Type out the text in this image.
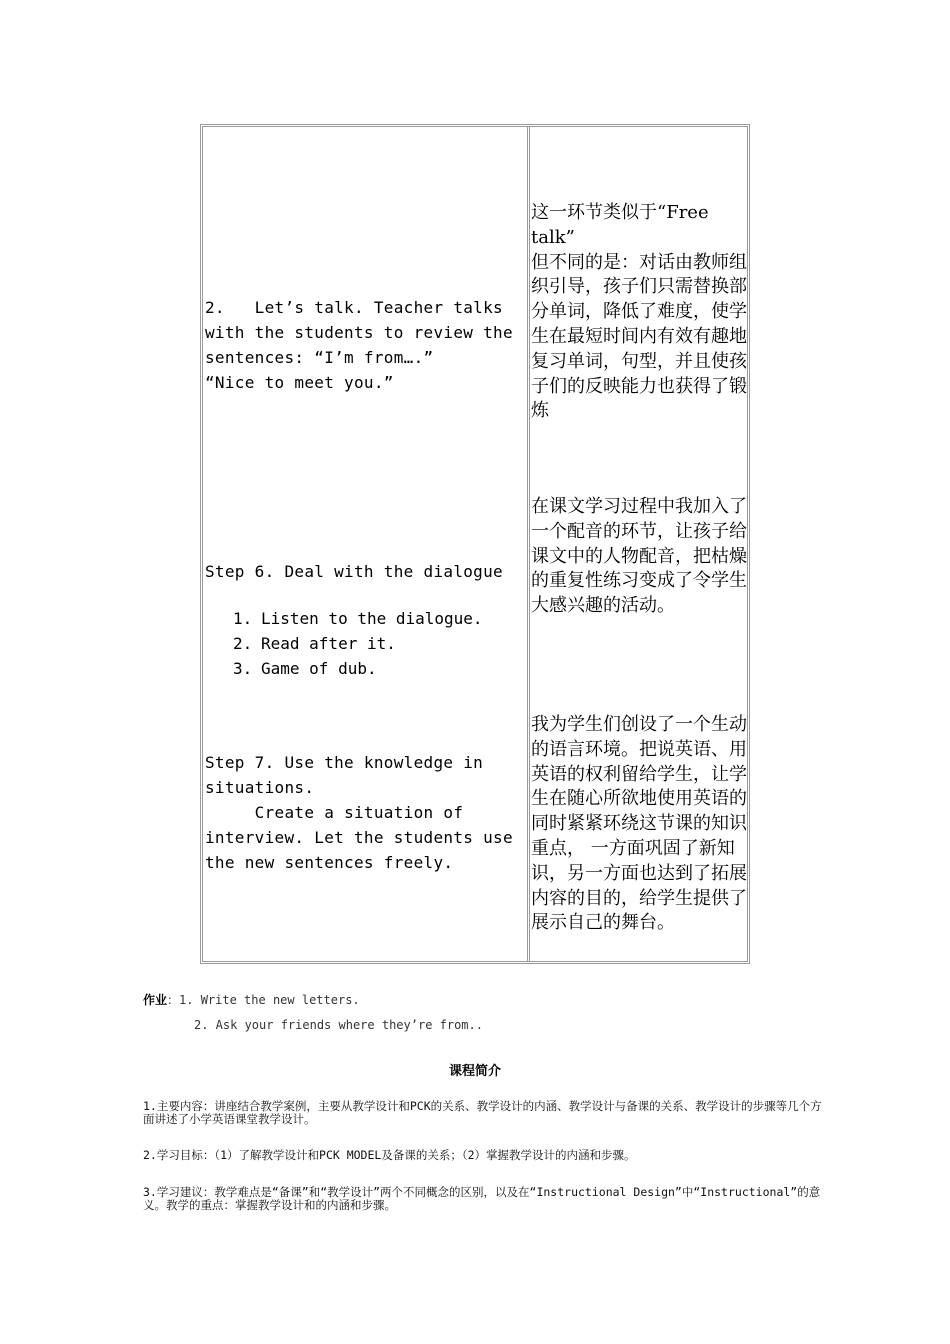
2.   Let’s talk. Teacher talks
with the students to review the
sentences: “I’m from….”
“Nice to meet you.”
这一环节类似于“Free
talk”
但不同的是：对话由教师组织引导，孩子们只需替换部分单词，降低了难度，使学生在最短时间内有效有趣地复习单词，句型，并且使孩子们的反映能力也获得了锻炼
Step 6. Deal with the dialogue
1. Listen to the dialogue.
2. Read after it.
3. Game of dub.
在课文学习过程中我加入了一个配音的环节，让孩子给课文中的人物配音，把枯燥的重复性练习变成了令学生大感兴趣的活动。
Step 7. Use the knowledge in
situations.
Create a situation of
interview. Let the students use
the new sentences freely.
我为学生们创设了一个生动的语言环境。把说英语、用英语的权利留给学生，让学生在随心所欲地使用英语的同时紧紧环绕这节课的知识重点， 一方面巩固了新知识，另一方面也达到了拓展内容的目的，给学生提供了展示自己的舞台。
作业：1. Write the new letters.
2. Ask your friends where they’re from..
课程简介
1.主要内容：讲座结合教学案例，主要从教学设计和PCK的关系、教学设计的内涵、教学设计与备课的关系、教学设计的步骤等几个方面讲述了小学英语课堂教学设计。
2.学习目标：（1）了解教学设计和PCK MODEL及备课的关系；（2）掌握教学设计的内涵和步骤。
3.学习建议：教学难点是“备课”和“教学设计”两个不同概念的区别，以及在“Instructional Design”中“Instructional”的意义。教学的重点：掌握教学设计和的内涵和步骤。
